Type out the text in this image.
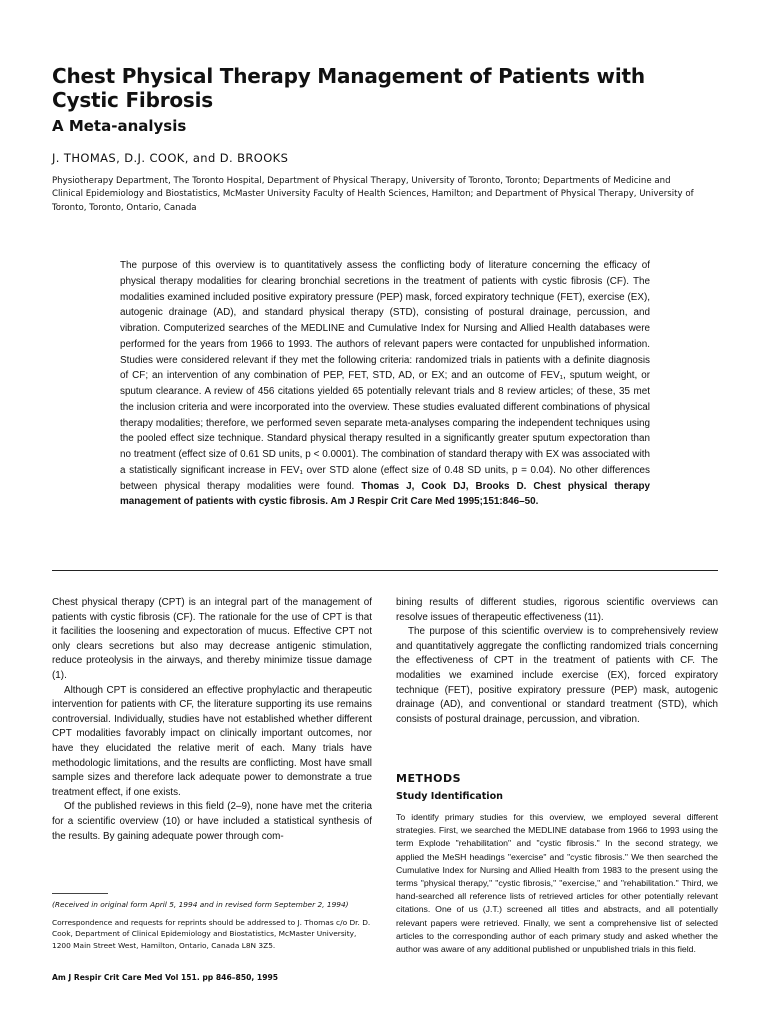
Chest Physical Therapy Management of Patients with Cystic Fibrosis
A Meta-analysis

J. THOMAS, D.J. COOK, and D. BROOKS

Physiotherapy Department, The Toronto Hospital, Department of Physical Therapy, University of Toronto, Toronto; Departments of Medicine and Clinical Epidemiology and Biostatistics, McMaster University Faculty of Health Sciences, Hamilton; and Department of Physical Therapy, University of Toronto, Toronto, Ontario, Canada

The purpose of this overview is to quantitatively assess the conflicting body of literature concerning the efficacy of physical therapy modalities for clearing bronchial secretions in the treatment of patients with cystic fibrosis (CF). The modalities examined included positive expiratory pressure (PEP) mask, forced expiratory technique (FET), exercise (EX), autogenic drainage (AD), and standard physical therapy (STD), consisting of postural drainage, percussion, and vibration. Computerized searches of the MEDLINE and Cumulative Index for Nursing and Allied Health databases were performed for the years from 1966 to 1993. The authors of relevant papers were contacted for unpublished information. Studies were considered relevant if they met the following criteria: randomized trials in patients with a definite diagnosis of CF; an intervention of any combination of PEP, FET, STD, AD, or EX; and an outcome of FEV₁, sputum weight, or sputum clearance. A review of 456 citations yielded 65 potentially relevant trials and 8 review articles; of these, 35 met the inclusion criteria and were incorporated into the overview. These studies evaluated different combinations of physical therapy modalities; therefore, we performed seven separate meta-analyses comparing the independent techniques using the pooled effect size technique. Standard physical therapy resulted in a significantly greater sputum expectoration than no treatment (effect size of 0.61 SD units, p < 0.0001). The combination of standard therapy with EX was associated with a statistically significant increase in FEV₁ over STD alone (effect size of 0.48 SD units, p = 0.04). No other differences between physical therapy modalities were found. Thomas J, Cook DJ, Brooks D. Chest physical therapy management of patients with cystic fibrosis. Am J Respir Crit Care Med 1995;151:846–50.

Chest physical therapy (CPT) is an integral part of the management of patients with cystic fibrosis (CF). The rationale for the use of CPT is that it facilities the loosening and expectoration of mucus. Effective CPT not only clears secretions but also may decrease antigenic stimulation, reduce proteolysis in the airways, and thereby minimize tissue damage (1).

Although CPT is considered an effective prophylactic and therapeutic intervention for patients with CF, the literature supporting its use remains controversial. Individually, studies have not established whether different CPT modalities favorably impact on clinically important outcomes, nor have they elucidated the relative merit of each. Many trials have methodologic limitations, and the results are conflicting. Most have small sample sizes and therefore lack adequate power to demonstrate a true treatment effect, if one exists.

Of the published reviews in this field (2–9), none have met the criteria for a scientific overview (10) or have included a statistical synthesis of the results. By gaining adequate power through com-

bining results of different studies, rigorous scientific overviews can resolve issues of therapeutic effectiveness (11).

The purpose of this scientific overview is to comprehensively review and quantitatively aggregate the conflicting randomized trials concerning the effectiveness of CPT in the treatment of patients with CF. The modalities we examined include exercise (EX), forced expiratory technique (FET), positive expiratory pressure (PEP) mask, autogenic drainage (AD), and conventional or standard treatment (STD), which consists of postural drainage, percussion, and vibration.

METHODS
Study Identification

To identify primary studies for this overview, we employed several different strategies. First, we searched the MEDLINE database from 1966 to 1993 using the term Explode "rehabilitation" and "cystic fibrosis." In the second strategy, we applied the MeSH headings "exercise" and "cystic fibrosis." We then searched the Cumulative Index for Nursing and Allied Health from 1983 to the present using the terms "physical therapy," "cystic fibrosis," "exercise," and "rehabilitation." Third, we hand-searched all reference lists of retrieved articles for other potentially relevant citations. One of us (J.T.) screened all titles and abstracts, and all potentially relevant papers were retrieved. Finally, we sent a comprehensive list of selected articles to the corresponding author of each primary study and asked whether the author was aware of any additional published or unpublished trials in this field.

(Received in original form April 5, 1994 and in revised form September 2, 1994)

Correspondence and requests for reprints should be addressed to J. Thomas c/o Dr. D. Cook, Department of Clinical Epidemiology and Biostatistics, McMaster University, 1200 Main Street West, Hamilton, Ontario, Canada L8N 3Z5.

Am J Respir Crit Care Med Vol 151. pp 846–850, 1995
